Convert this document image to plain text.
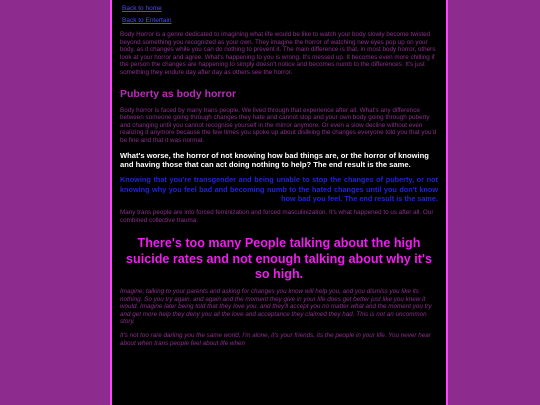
Back to home
Back to Entertain

Body Horror is a genre dedicated to imagining what life would be like to watch your body slowly become twisted beyond something you recognized as your own. They imagine the horror of watching new eyes pop up on your body, as it changes while you can do nothing to prevent it. The main difference is that, in most body horror, others look at your horror and agree. What's happening to you is wrong. It's messed up. It becomes even more chilling if the person the changes are happening to simply doesn't notice and becomes numb to the differences. It's just something they endure day after day as others see the horror.

Puberty as body horror

Body horror is faced by many trans people. We lived through that experience after all. What's any difference between someone going through changes they hate and cannot stop and your own body going through puberty and changing until you cannot recognise yourself in the mirror anymore. Or even a slow decline without even realizing it anymore because the few times you spoke up about disliking the changes everyone told you that you'd be fine and that it was normal.

What's worse, the horror of not knowing how bad things are, or the horror of knowing and having those that can act doing nothing to help? The end result is the same.

Knowing that you're transgender and being unable to stop the changes of puberty, or not knowing why you feel bad and becoming numb to the hated changes until you don't know how bad you feel. The end result is the same.

Many trans people are into forced feminization and forced masculinization. It's what happened to us after all. Our combined collective trauma.

There's too many People talking about the high suicide rates and not enough talking about why it's so high.

Imagine, talking to your parents and asking for changes you know will help you, and you dismiss you like its nothing. So you try again, and again and the moment they give in your life does get better just like you knew it would. Imagine later being told that they love you, and they'll accept you no matter what and the moment you try and get more help they deny you all the love and acceptance they claimed they had. This is not an uncommon story.

It's not too rare darling you the same world, I'm alone, it's your friends, its the people in your life. You never hear about when trans people feel about life when
